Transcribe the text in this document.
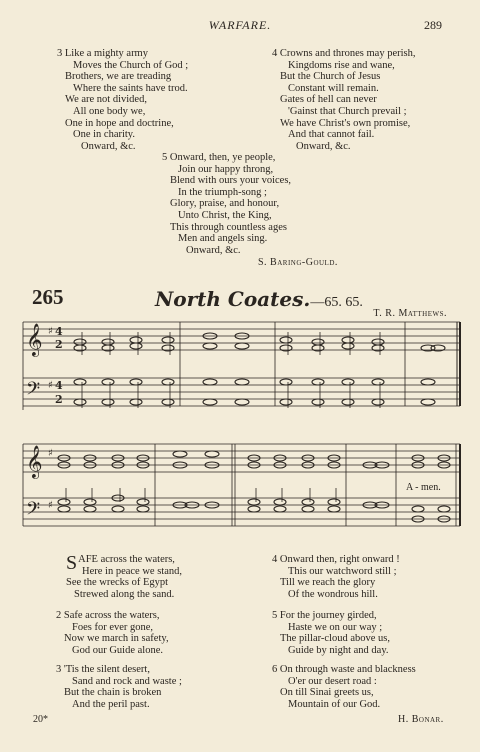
WARFARE.	289
3 Like a mighty army
Moves the Church of God ;
Brothers, we are treading
Where the saints have trod.
We are not divided,
All one body we,
One in hope and doctrine,
One in charity.
Onward, &c.
4 Crowns and thrones may perish,
Kingdoms rise and wane,
But the Church of Jesus
Constant will remain.
Gates of hell can never
'Gainst that Church prevail ;
We have Christ's own promise,
And that cannot fail.
Onward, &c.
5 Onward, then, ye people,
Join our happy throng,
Blend with ours your voices,
In the triumph-song ;
Glory, praise, and honour,
Unto Christ, the King,
This through countless ages
Men and angels sing.
Onward, &c.
S. Baring-Gould.
265	North Coates.—65. 65.
T. R. Matthews.
𝄞
𝄢
♯
♯
4
2
4
2
𝄞
𝄢
♯
♯
A - men.
SAFE across the waters,
Here in peace we stand,
See the wrecks of Egypt
Strewed along the sand.
2 Safe across the waters,
Foes for ever gone,
Now we march in safety,
God our Guide alone.
3 'Tis the silent desert,
Sand and rock and waste ;
But the chain is broken
And the peril past.
4 Onward then, right onward !
This our watchword still ;
Till we reach the glory
Of the wondrous hill.
5 For the journey girded,
Haste we on our way ;
The pillar-cloud above us,
Guide by night and day.
6 On through waste and blackness
O'er our desert road :
On till Sinai greets us,
Mountain of our God.
20*	H. Bonar.
